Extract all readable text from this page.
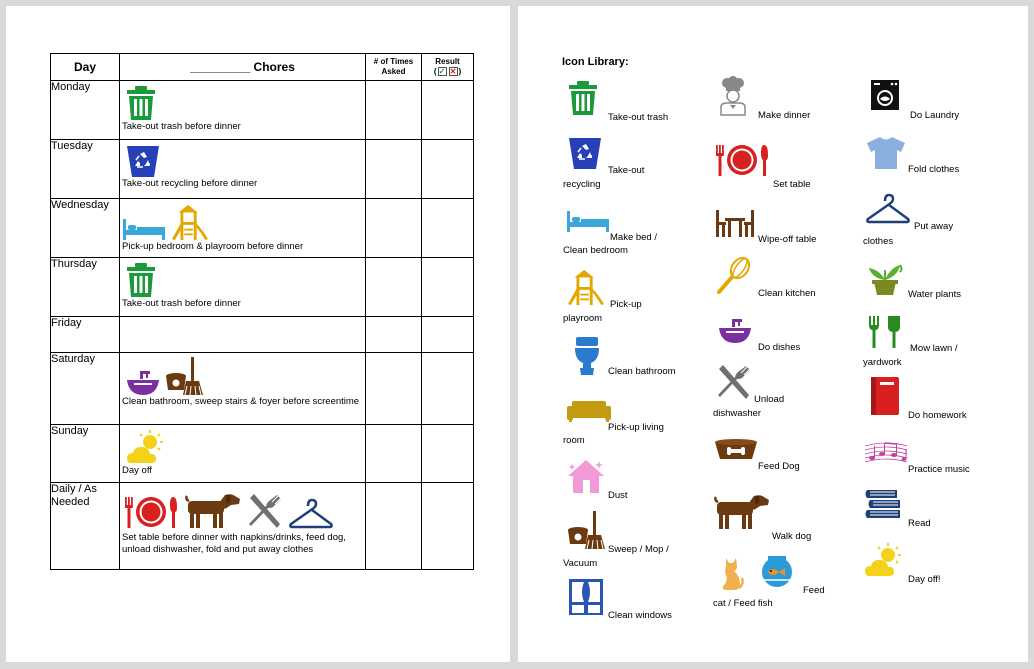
Day	_________ Chores	# of Times Asked	Result
( ✓ ✕ )

Monday	Take-out trash before dinner		

Tuesday	Take-out recycling before dinner		

Wednesday	Pick-up bedroom & playroom before dinner		

Thursday	Take-out trash before dinner		

Friday	

Saturday	Clean bathroom, sweep stairs & foyer before screentime		

Sunday	Day off		

Daily / As Needed	Set table before dinner with napkins/drinks, feed dog, unload dishwasher, fold and put away clothes		

Icon Library:
Take-out trash
Take-out
recycling
Make bed /
Clean bedroom
Pick-up
playroom
Clean bathroom
Pick-up living
room
Dust
Sweep / Mop /
Vacuum
Clean windows
Make dinner
Set table
Wipe-off table
Clean kitchen
Do dishes
Unload
dishwasher
Feed Dog
Walk dog
Feed
cat / Feed fish
Do Laundry
Fold clothes
Put away
clothes
Water plants
Mow lawn /
yardwork
Do homework
Practice music
Read
Day off!
